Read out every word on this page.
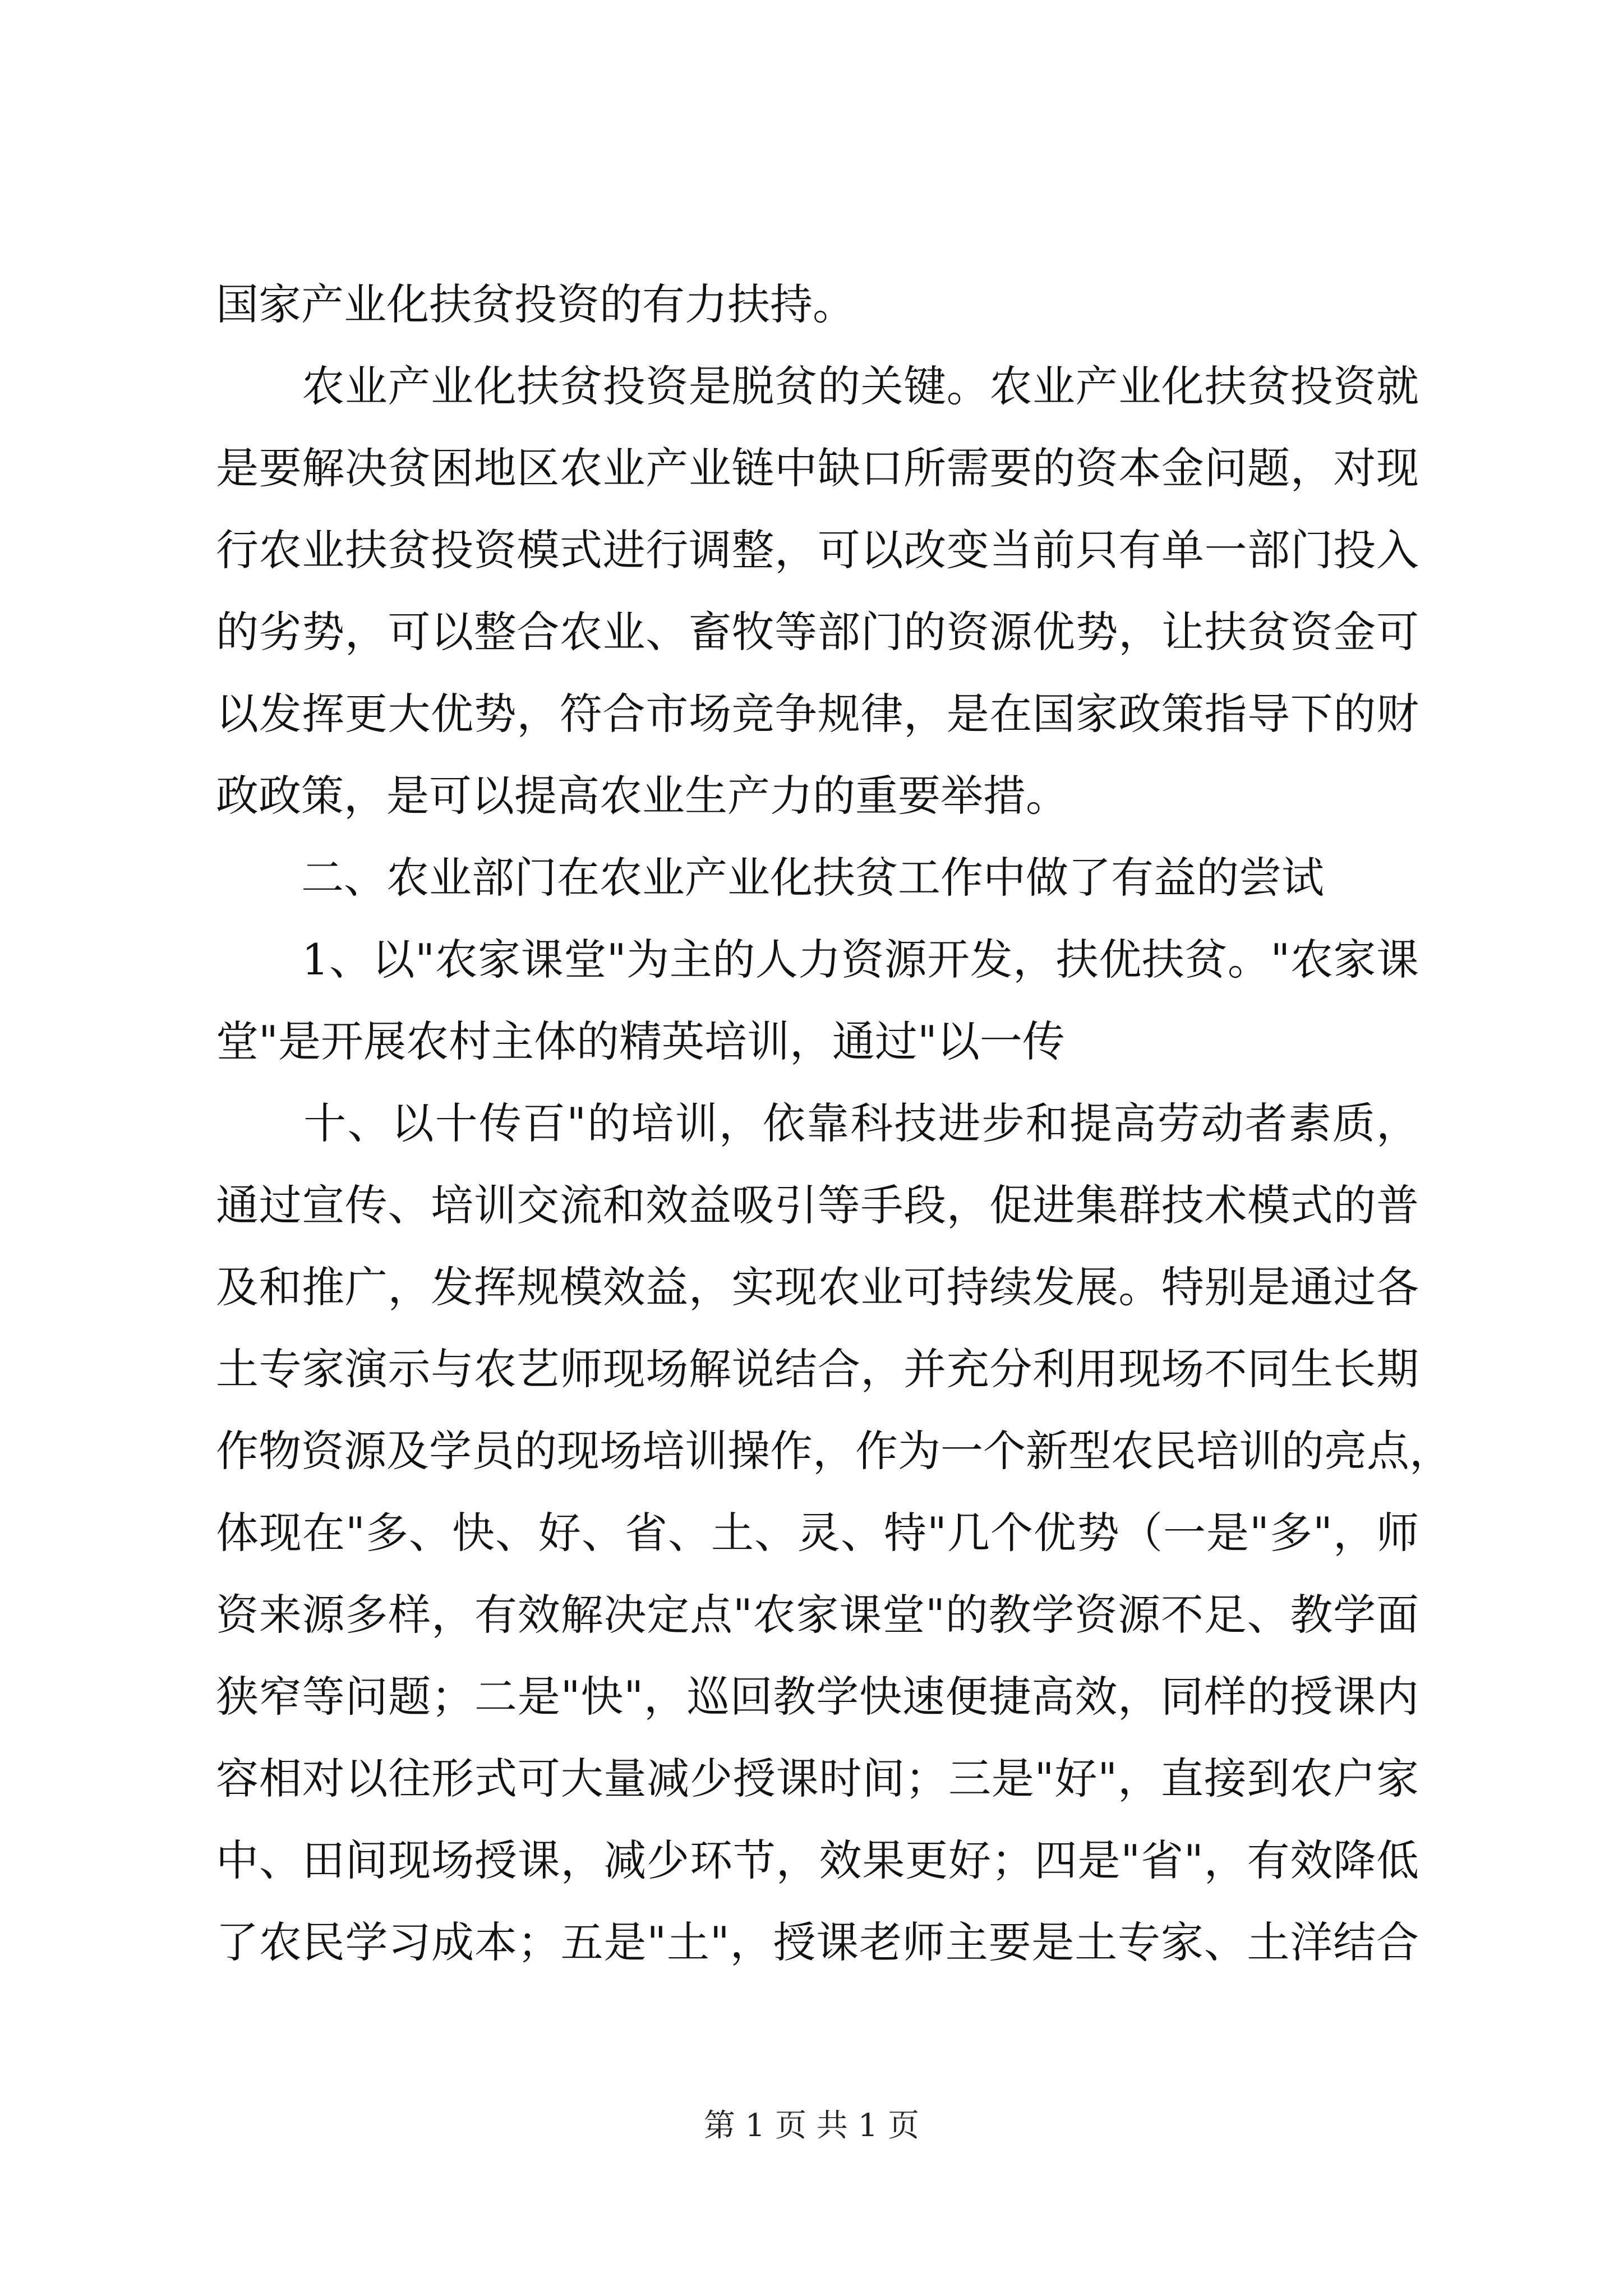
国家产业化扶贫投资的有力扶持。
　　农业产业化扶贫投资是脱贫的关键。农业产业化扶贫投资就
是要解决贫困地区农业产业链中缺口所需要的资本金问题，对现
行农业扶贫投资模式进行调整，可以改变当前只有单一部门投入
的劣势，可以整合农业、畜牧等部门的资源优势，让扶贫资金可
以发挥更大优势，符合市场竞争规律，是在国家政策指导下的财
政政策，是可以提高农业生产力的重要举措。
　　二、农业部门在农业产业化扶贫工作中做了有益的尝试
　　1、以"农家课堂"为主的人力资源开发，扶优扶贫。"农家课
堂"是开展农村主体的精英培训，通过"以一传
　　十、以十传百"的培训，依靠科技进步和提高劳动者素质，
通过宣传、培训交流和效益吸引等手段，促进集群技术模式的普
及和推广，发挥规模效益，实现农业可持续发展。特别是通过各
土专家演示与农艺师现场解说结合，并充分利用现场不同生长期
作物资源及学员的现场培训操作，作为一个新型农民培训的亮点，
体现在"多、快、好、省、土、灵、特"几个优势（一是"多"，师
资来源多样，有效解决定点"农家课堂"的教学资源不足、教学面
狭窄等问题；二是"快"，巡回教学快速便捷高效，同样的授课内
容相对以往形式可大量减少授课时间；三是"好"，直接到农户家
中、田间现场授课，减少环节，效果更好；四是"省"，有效降低
了农民学习成本；五是"土"，授课老师主要是土专家、土洋结合
第 1 页 共 1 页
